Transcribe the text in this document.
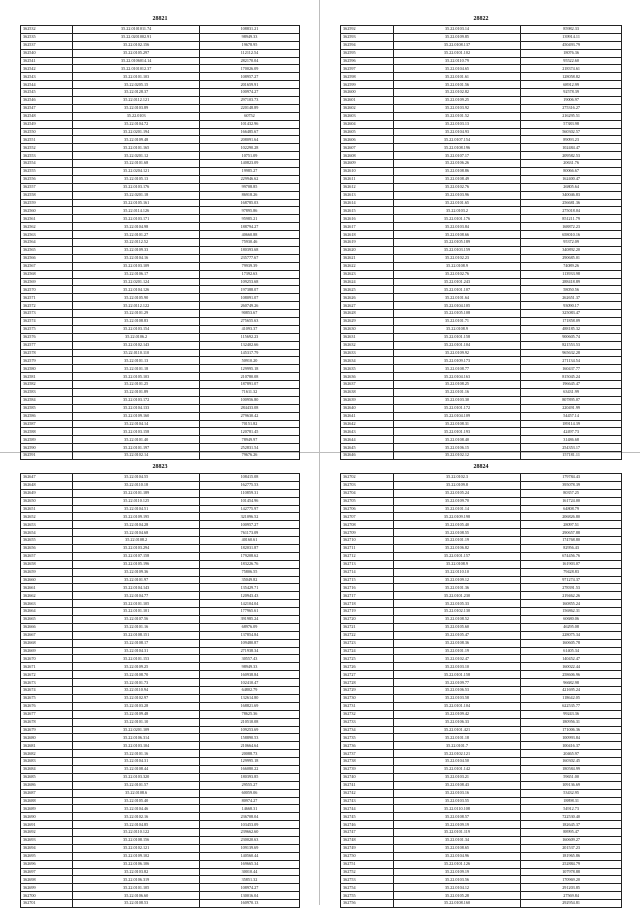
28821
362532	35.22.0101011.74	108831.21
362535	35.22.0201002.91	98949.33
362537	35.22.0102.156	19678.95
362540	35.22.0105.297	112112.54
362541	35.22.0106014.14	282170.04
362542	35.22.0101012.37	170026.09
362543	35.22.0101.103	108957.27
362544	35.22.0205.15	201659.91
362545	35.22.0128.37	100974.27
362546	35.22.0112.121	297103.73
362547	35.22.0103.89	220148.89
362548	35.22.0103	60752
362549	35.22.0104.72	101432.96
362550	35.22.0201.194	166485.67
362551	35.22.0109.48	208091.64
362552	35.22.0101.165	102290.28
362553	35.22.0201.12	10751.09
362554	35.22.0101.68	140823.09
362555	35.22.0204.121	19985.27
362556	35.22.0105.13	229946.62
362557	35.22.0103.176	99708.85
362558	35.22.0201.18	86918.26
362559	35.22.0105.161	168785.03
362560	35.22.0114.126	97895.86
362561	35.22.0103.171	95985.21
362562	35.22.0104.98	188794.27
362563	35.22.0101.27	40660.88
362564	35.22.0112.52	75930.46
362565	35.22.0109.33	180393.68
362566	35.22.0104.16	235777.67
362567	35.22.0103.109	79939.39
362568	35.22.0106.17	17392.63
362569	35.22.0201.124	109253.68
362570	35.22.0104.126	197388.07
362571	35.22.0105.90	108091.07
362572	35.22.0112.122	260749.26
362573	35.22.0101.29	90853.67
362574	35.22.0108.83	275655.63
362575	35.22.0103.154	41093.37
362576	35.22.0106.2	115692.23
362577	35.22.0102.143	132402.66
362578	35.22.0110.110	145317.79
362579	35.22.0101.13	50910.20
362580	35.22.0101.18	129995.18
362581	35.22.0105.103	210780.08
362582	35.22.0101.25	187891.07
362583	35.22.0101.89	71611.32
362584	35.22.0103.172	100956.80
362585	35.22.0104.133	284433.08
362586	35.22.0109.160	279630.42
362587	35.22.0104.14	70151.82
362588	35.22.0103.158	120781.45
362589	35.22.0101.40	78949.97
362590	35.22.0101.197	252831.54
362591	35.22.0102.14	79676.26
28822
362592	35.22.0103.14	85982.33
362593	35.22.0109.85	139914.11
362594	35.22.0108.137	450493.79
362595	35.22.0101.102	18076.36
362596	35.22.0110.79	95522.60
362597	35.22.0104.65	218374.61
362598	35.22.0101.61	128058.82
362599	35.22.0101.56	68912.99
362600	35.22.0102.82	92578.39
362601	35.22.0109.25	19006.97
362602	35.22.0103.92	275316.27
362603	35.22.0101.52	216295.51
362604	35.22.0103.13	57383.98
362605	35.22.0104.93	560302.57
362606	35.22.0107.154	89093.23
362607	35.22.0108.196	102484.47
362608	35.22.0107.17	209582.53
362609	35.22.0106.26	20631.76
362610	35.22.0108.86	80066.67
362611	35.22.0108.49	162400.47
362612	35.22.0102.76	26805.64
362613	35.22.0103.96	340046.83
362614	35.22.0101.65	256681.36
362615	35.22.0103.2	275018.04
362616	35.22.0101.176	851211.79
362617	35.22.0103.84	168872.23
362618	35.22.0108.66	658010.16
362619	35.22.0105.189	95372.09
362620	35.22.0103.159	340892.20
362621	35.22.0102.23	290685.01
362622	35.22.0108.9	74089.26
362623	35.22.0102.76	113933.98
362624	35.22.0101.243	288418.89
362625	35.22.0101.107	58050.56
362626	35.22.0101.64	262651.37
362627	35.22.0104.105	93090.17
362628	35.22.0105.108	325083.47
362629	35.22.0101.71	171858.09
362630	35.22.0108.9	488185.32
362631	35.22.0101.158	900605.74
362632	35.22.0101.104	821553.53
362633	35.22.0109.92	965632.28
362634	35.22.0109.173	271134.54
362635	35.22.0108.77	160437.77
362636	35.22.0104.163	815045.24
362637	35.22.0108.25	196645.47
362638	35.22.0101.16	63431.99
362639	35.22.0103.30	807895.07
362640	35.22.0101.172	220491.99
362641	35.22.0104.109	54457.14
362642	35.22.0108.31	189114.39
362643	35.22.0101.193	42497.73
362644	35.22.0108.40	31486.68
362645	35.22.0106.15	254353.17
362646	35.22.0102.12	157181.11
28823
362647	35.22.0104.55	108415.08
362648	35.22.0110.18	162775.53
362649	35.22.0101.189	110859.31
362650	35.22.0110.125	101454.96
362651	35.22.0104.51	142775.97
362652	35.22.0109.195	321096.52
362653	35.22.0104.28	100957.27
362654	35.22.0104.68	761173.09
362655	35.22.0108.2	40160.61
362656	35.22.0103.294	182031.87
362657	35.22.0107.158	179208.62
362658	35.22.0105.196	183226.76
362659	35.22.0109.36	75806.55
362660	35.22.0101.97	35049.82
362661	35.22.0104.143	135429.71
362662	35.22.0104.77	120943.43
362663	35.22.0101.105	142104.04
362664	35.22.0101.101	177965.61
362665	35.22.0107.56	391985.24
362666	35.22.0101.16	68976.09
362667	35.22.0108.151	137854.84
362668	35.22.0108.17	109480.87
362669	35.22.0104.31	271938.34
362670	35.22.0101.153	30557.43
362671	35.22.0109.25	98949.33
362672	35.22.0108.70	160938.84
362673	35.22.0101.73	102410.47
362674	35.22.0110.94	64802.79
362675	35.22.0102.97	132614.80
362676	35.22.0103.28	168821.69
362677	35.22.0109.48	78625.36
362678	35.22.0101.10	210510.08
362679	35.22.0201.109	109253.69
362680	35.22.0106.314	158890.53
362681	35.22.0103.104	210664.64
362682	35.22.0101.16	20088.73
362683	35.22.0104.31	129995.18
362684	35.22.0108.44	166080.22
362685	35.22.0103.320	180393.85
362686	35.22.0101.57	29555.27
362687	35.22.0108.6	60059.06
362688	35.22.0105.40	80974.27
362689	35.22.0104.46	14668.31
362690	35.22.0102.16	236708.04
362691	35.22.0104.85	103453.09
362692	35.22.0110.122	239662.60
362693	35.22.0108.156	230020.63
362694	35.22.0102.121	109139.69
362695	35.22.0109.102	140560.44
362696	35.22.0106.106	169665.34
362697	35.22.0103.82	30010.44
362698	35.22.0106.319	35851.32
362699	35.22.0101.105	108974.27
362700	35.22.0106.60	130016.04
362701	35.22.0108.53	160970.13
28824
362702	35.22.0102.3	179784.43
362703	35.22.0109.8	395078.39
362704	35.22.0105.24	80357.25
362705	35.22.0109.70	161724.00
362706	35.22.0101.14	64808.79
362707	35.22.0109.198	206826.80
362708	35.22.0105.40	28097.51
362709	35.22.0108.55	290657.88
362710	35.22.0101.19	174768.80
362711	35.22.0106.82	82956.43
362712	35.22.0101.157	674456.76
362713	35.22.0108.9	161903.07
362714	35.22.0110.10	79428.83
362715	35.22.0109.12	971274.37
362716	35.22.0101.36	278391.53
362717	35.22.0101.230	219462.26
362718	35.22.0105.33	160855.24
362719	35.22.0102.130	156862.31
362720	35.22.0108.52	60680.06
362721	35.22.0105.60	46295.08
362722	35.22.0105.47	228075.34
362723	35.22.0108.36	160605.78
362724	35.22.0101.19	61405.34
362725	35.22.0102.47	140452.47
362726	35.22.0103.10	160022.44
362727	35.22.0101.158	258606.96
362728	35.22.0109.77	96682.98
362729	35.22.0106.53	421695.24
362730	35.22.0103.58	118642.05
362731	35.22.0101.104	622535.77
362732	35.22.0109.42	99243.36
362733	35.22.0106.33	180956.31
362734	35.22.0101.421	171006.36
362735	35.22.0101.18	100993.84
362736	35.22.0101.7	100416.37
362737	35.22.0102.121	20465.97
362738	35.22.0104.50	160302.45
362739	35.22.0101.142	180584.99
362740	35.22.0103.21	59651.00
362741	35.22.0108.43	109136.69
362742	35.22.0103.16	53432.95
362743	35.22.0103.55	18898.31
362744	35.22.0110.108	54912.73
362745	35.22.0108.57	722530.40
362746	35.22.0109.19	182645.37
362747	35.22.0101.119	88995.47
362748	35.22.0101.34	160609.27
362749	35.22.0108.65	201537.23
362750	35.22.0104.96	181965.86
362751	35.22.0101.126	252884.79
362752	35.22.0109.19	107978.88
362753	35.22.0103.56	170969.20
362754	35.22.0104.12	291203.85
362755	35.22.0105.28	27569.84
362756	35.22.0108.160	292954.81
